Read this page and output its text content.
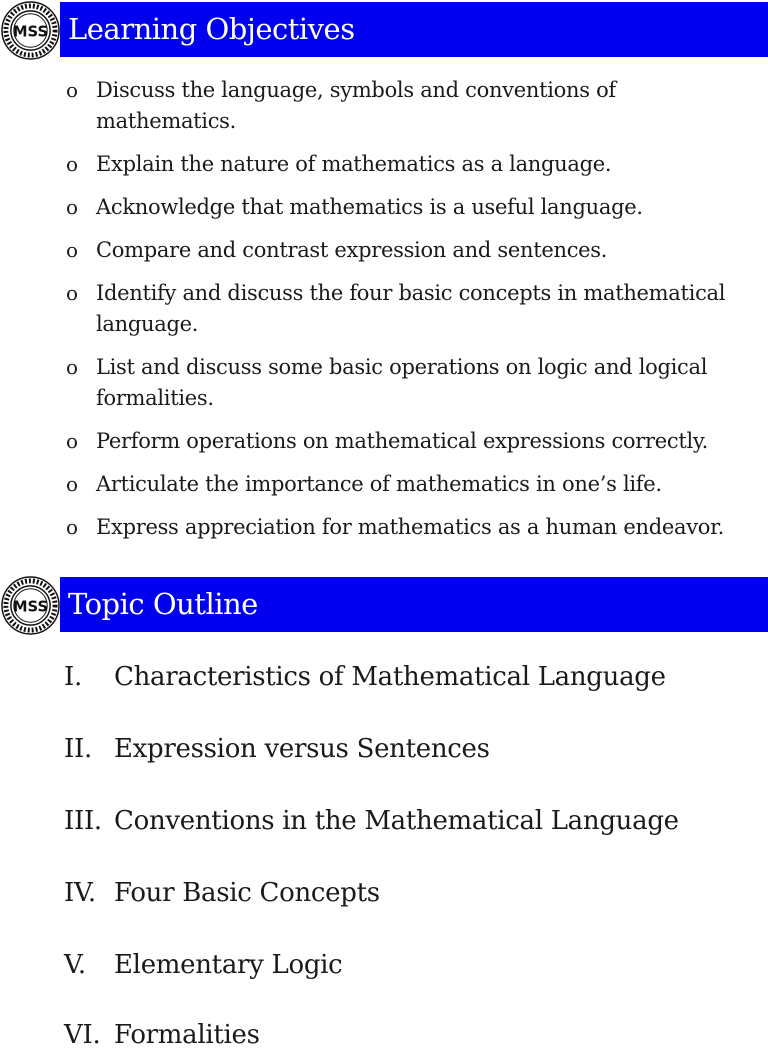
MSS Learning Objectives
o Discuss the language, symbols and conventions of mathematics.
o Explain the nature of mathematics as a language.
o Acknowledge that mathematics is a useful language.
o Compare and contrast expression and sentences.
o Identify and discuss the four basic concepts in mathematical language.
o List and discuss some basic operations on logic and logical formalities.
o Perform operations on mathematical expressions correctly.
o Articulate the importance of mathematics in one’s life.
o Express appreciation for mathematics as a human endeavor.
MSS Topic Outline
I. Characteristics of Mathematical Language
II. Expression versus Sentences
III. Conventions in the Mathematical Language
IV. Four Basic Concepts
V. Elementary Logic
VI. Formalities
